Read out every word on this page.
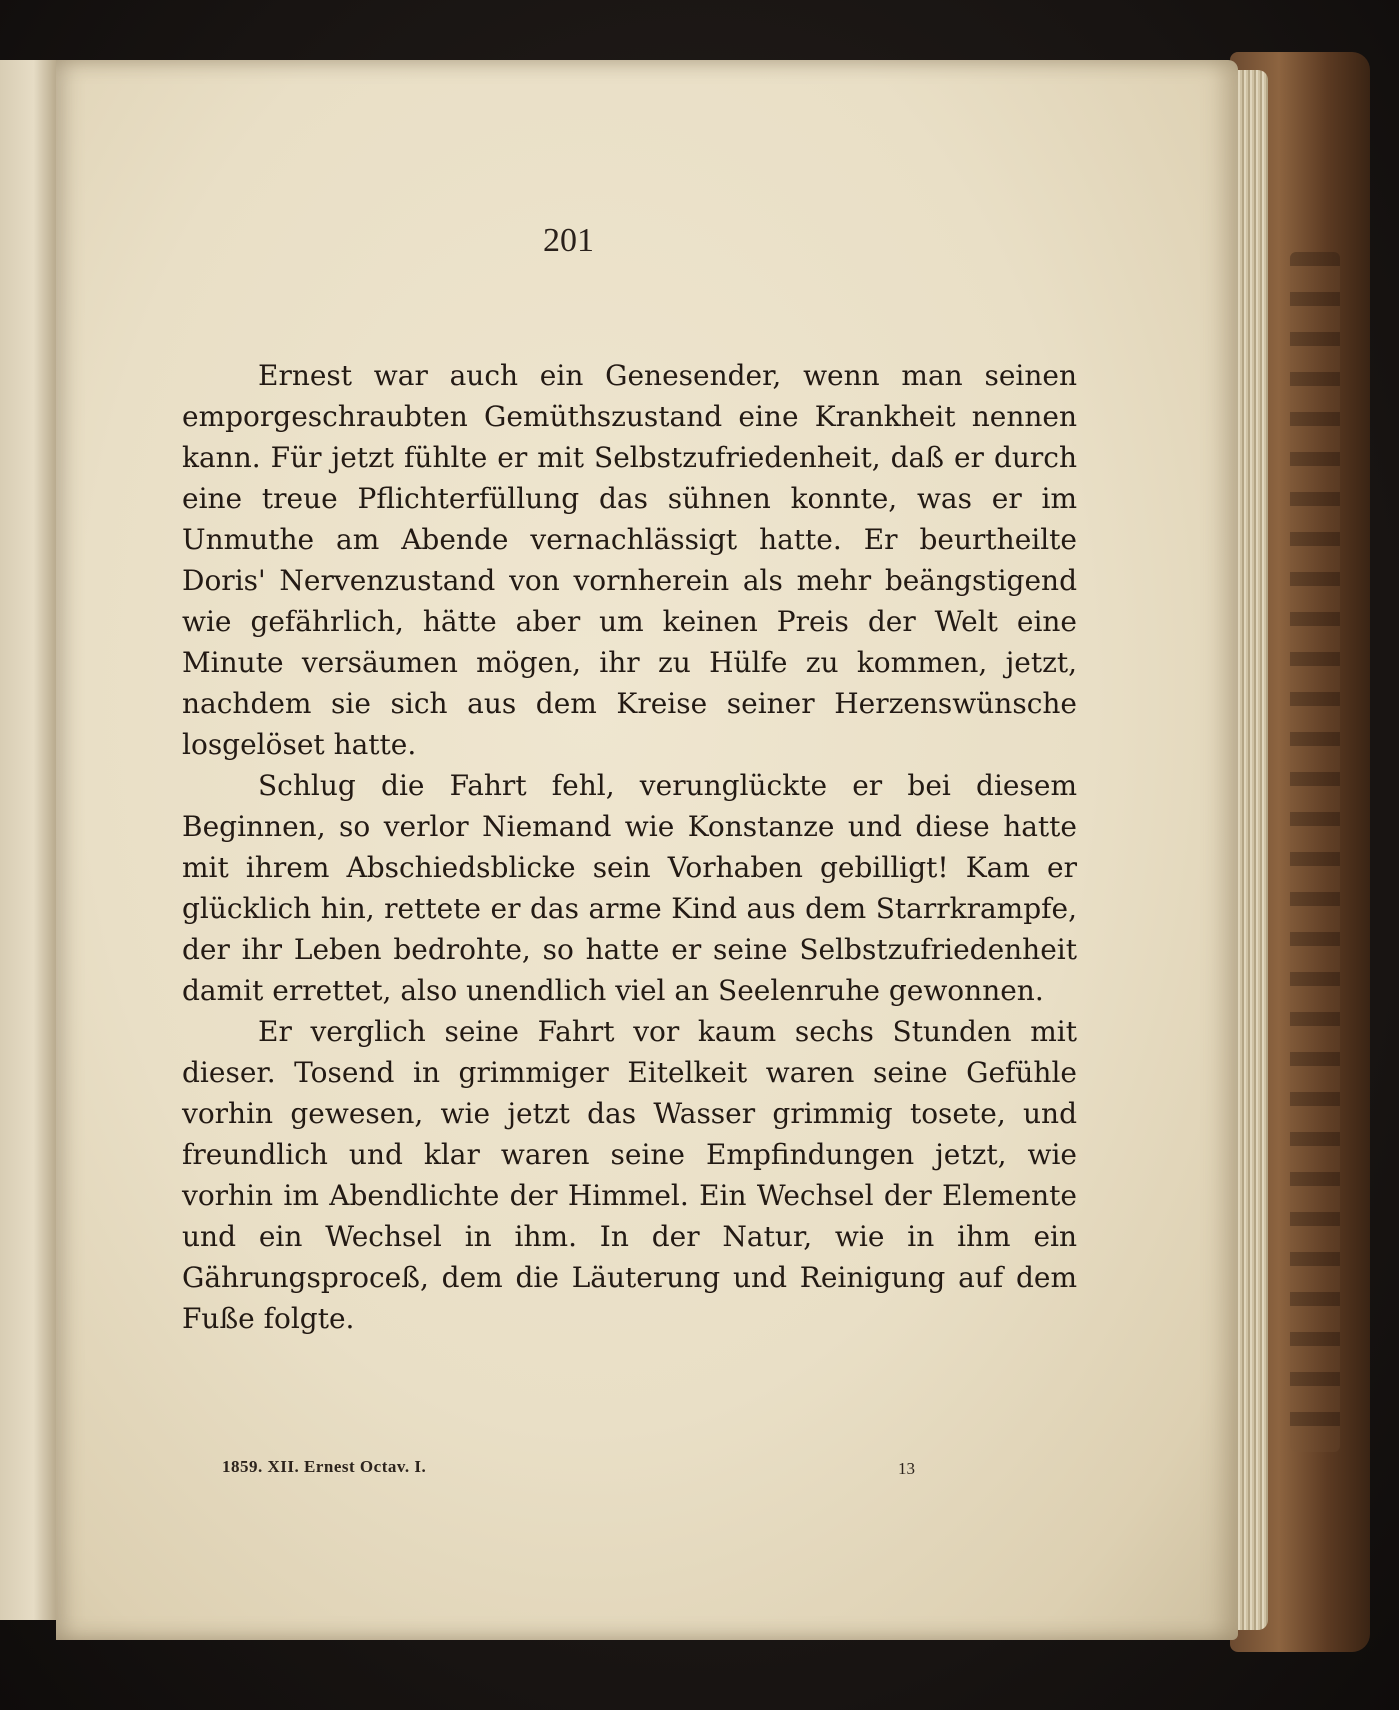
201

Ernest war auch ein Genesender, wenn man seinen emporgeschraubten Gemüthszustand eine Krankheit nennen kann. Für jetzt fühlte er mit Selbstzufriedenheit, daß er durch eine treue Pflichterfüllung das sühnen konnte, was er im Unmuthe am Abende vernachlässigt hatte. Er beurtheilte Doris' Nervenzustand von vornherein als mehr beängstigend wie gefährlich, hätte aber um keinen Preis der Welt eine Minute versäumen mögen, ihr zu Hülfe zu kommen, jetzt, nachdem sie sich aus dem Kreise seiner Herzenswünsche losgelöset hatte.

Schlug die Fahrt fehl, verunglückte er bei diesem Beginnen, so verlor Niemand wie Konstanze und diese hatte mit ihrem Abschiedsblicke sein Vorhaben gebilligt! Kam er glücklich hin, rettete er das arme Kind aus dem Starrkrampfe, der ihr Leben bedrohte, so hatte er seine Selbstzufriedenheit damit errettet, also unendlich viel an Seelenruhe gewonnen.

Er verglich seine Fahrt vor kaum sechs Stunden mit dieser. Tosend in grimmiger Eitelkeit waren seine Gefühle vorhin gewesen, wie jetzt das Wasser grimmig tosete, und freundlich und klar waren seine Empfindungen jetzt, wie vorhin im Abendlichte der Himmel. Ein Wechsel der Elemente und ein Wechsel in ihm. In der Natur, wie in ihm ein Gährungsproceß, dem die Läuterung und Reinigung auf dem Fuße folgte.

1859. XII. Ernest Octav. I.	13
